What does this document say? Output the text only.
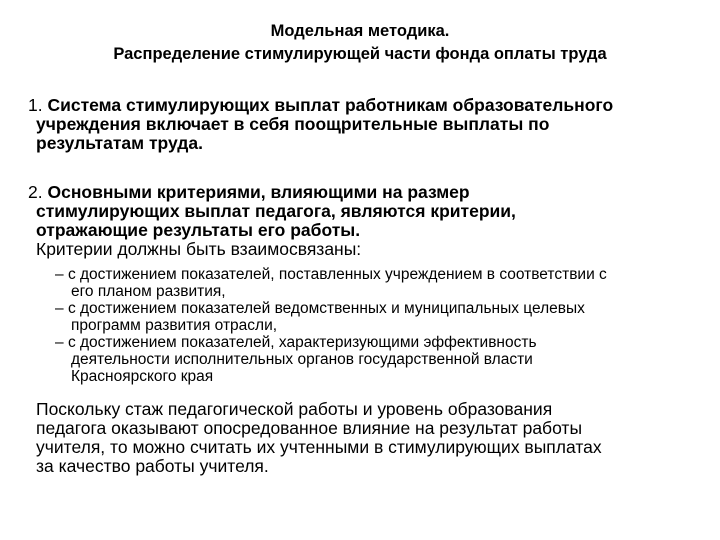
Модельная методика.
Распределение стимулирующей части фонда оплаты труда
1. Система стимулирующих выплат работникам образовательного
учреждения включает в себя поощрительные выплаты по
результатам труда.
2. Основными критериями, влияющими на размер
стимулирующих выплат педагога, являются критерии,
отражающие результаты его работы.
Критерии должны быть взаимосвязаны:
– с достижением показателей, поставленных учреждением в соответствии с
его планом развития,
– с достижением показателей ведомственных и муниципальных целевых
программ развития отрасли,
– с достижением показателей, характеризующими эффективность
деятельности исполнительных органов государственной власти
Красноярского края
Поскольку стаж педагогической работы и уровень образования
педагога оказывают опосредованное влияние на результат работы
учителя, то можно считать их учтенными в стимулирующих выплатах
за качество работы учителя.
